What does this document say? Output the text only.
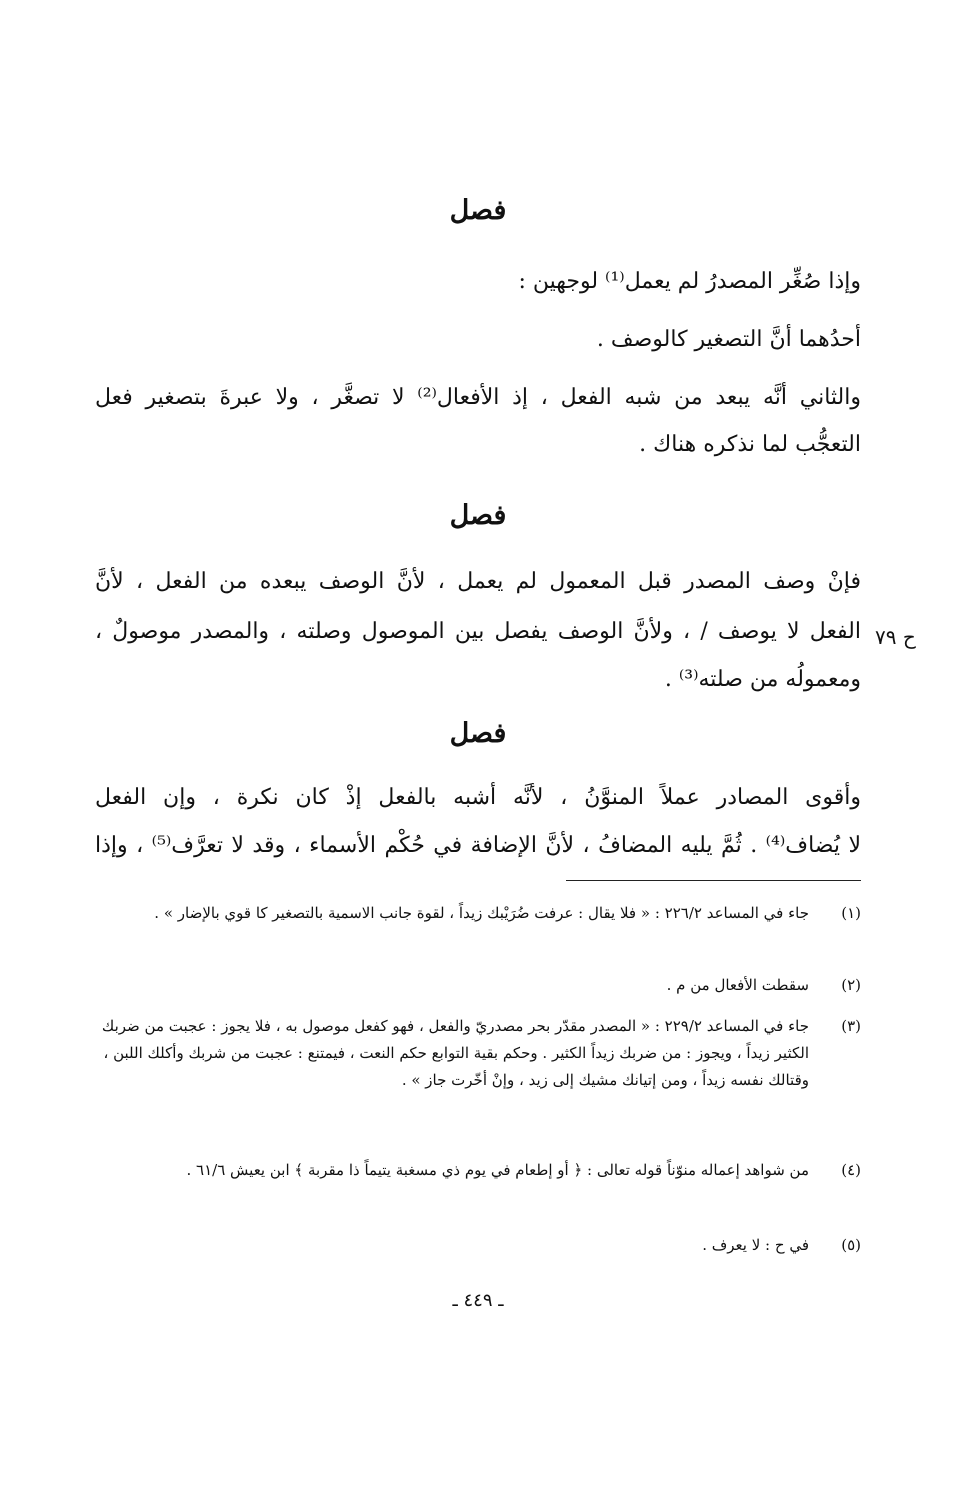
فصل
وإذا صُغِّر المصدرُ لم يعمل⁽¹⁾ لوجهين :
أحدُهما أنَّ التصغير كالوصف .
والثاني أنَّه يبعد من شبه الفعل ، إذ الأفعال⁽²⁾ لا تصغَّر ، ولا عبرةَ بتصغير فعل
التعجُّب لما نذكره هناك .
فصل
فإنْ وصف المصدر قبل المعمول لم يعمل ، لأنَّ الوصف يبعده من الفعل ، لأنَّ
الفعل لا يوصف / ، ولأنَّ الوصف يفصل بين الموصول وصلته ، والمصدر موصولٌ ،
ومعمولُه من صلته⁽³⁾ .
ح ٧٩
فصل
وأقوى المصادر عملاً المنوَّنُ ، لأنَّه أشبه بالفعل إذْ كان نكرة ، وإن الفعل
لا يُضاف⁽⁴⁾ . ثُمَّ يليه المضافُ ، لأنَّ الإضافة في حُكْم الأسماء ، وقد لا تعرَّف⁽⁵⁾ ، وإذا
(١)
جاء في المساعد ٢٢٦/٢ : « فلا يقال : عرفت ضُرَيْبك زيداً ، لقوة جانب الاسمية بالتصغير كا قوي بالإضار » .
(٢)
سقطت الأفعال من م .
(٣)
جاء في المساعد ٢٢٩/٢ : « المصدر مقدّر بحر مصدريّ والفعل ، فهو كفعل موصول به ، فلا يجوز : عجبت من ضربك الكثير زيداً ، ويجوز : من ضربك زيداً الكثير . وحكم بقية التوابع حكم النعت ، فيمتنع : عجبت من شربك وأكلك اللبن ، وقتالك نفسه زيداً ، ومن إتيانك مشيك إلى زيد ، وإنْ أخّرت جاز » .
(٤)
من شواهد إعماله منوّناً قوله تعالى : ﴿ أو إطعام في يوم ذي مسغبة يتيماً ذا مقربة ﴾ ابن يعيش ٦١/٦ .
(٥)
في ح : لا يعرف .
ـ ٤٤٩ ـ
